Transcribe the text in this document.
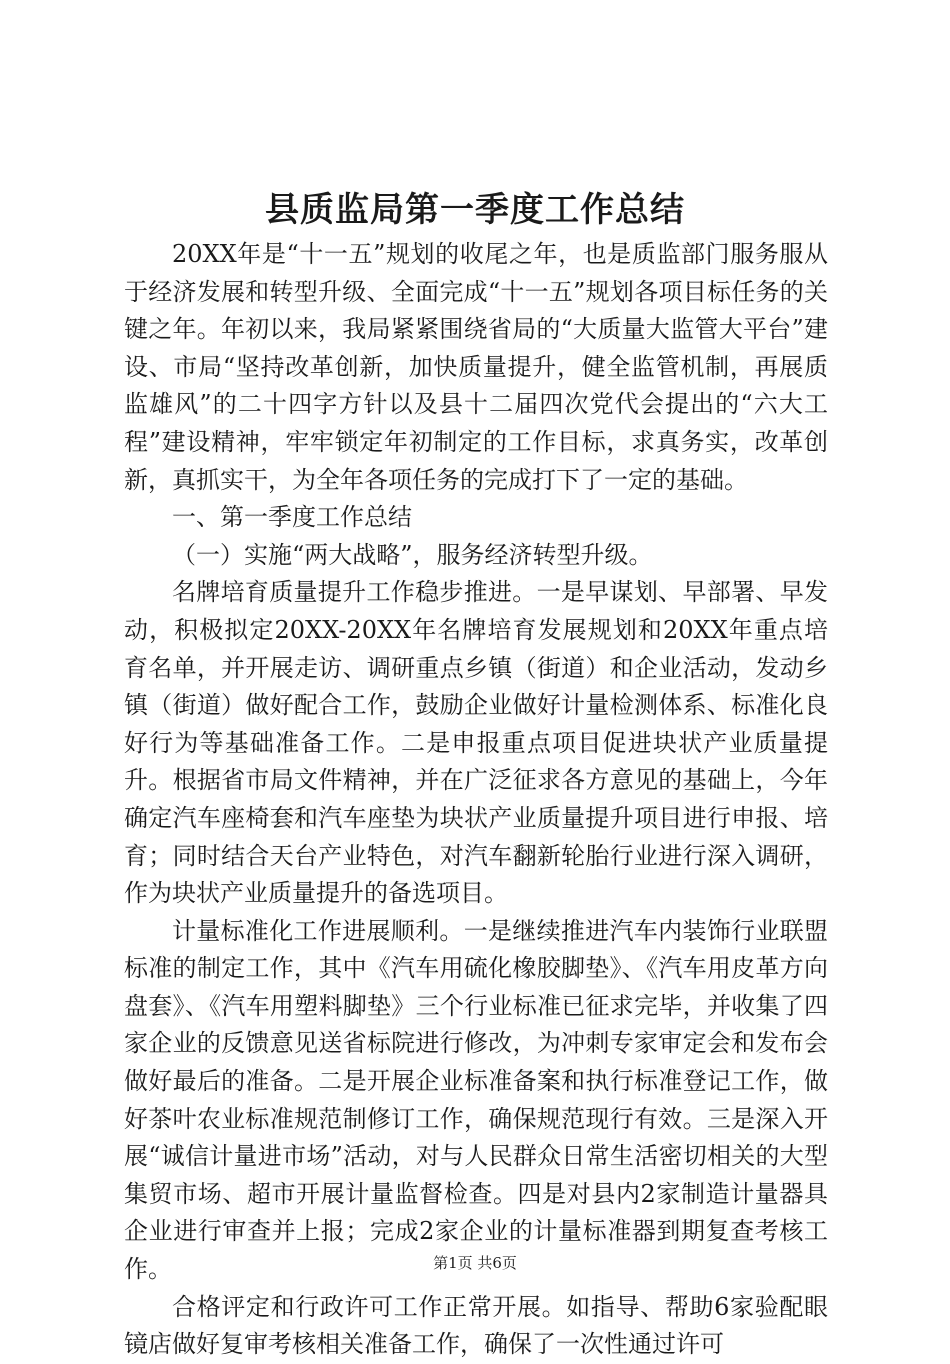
县质监局第一季度工作总结

20XX年是“十一五”规划的收尾之年，也是质监部门服务服从于经济发展和转型升级、全面完成“十一五”规划各项目标任务的关键之年。年初以来，我局紧紧围绕省局的“大质量大监管大平台”建设、市局“坚持改革创新，加快质量提升，健全监管机制，再展质监雄风”的二十四字方针以及县十二届四次党代会提出的“六大工程”建设精神，牢牢锁定年初制定的工作目标，求真务实，改革创新，真抓实干，为全年各项任务的完成打下了一定的基础。

一、第一季度工作总结

（一）实施“两大战略”，服务经济转型升级。

名牌培育质量提升工作稳步推进。一是早谋划、早部署、早发动，积极拟定20XX-20XX年名牌培育发展规划和20XX年重点培育名单，并开展走访、调研重点乡镇（街道）和企业活动，发动乡镇（街道）做好配合工作，鼓励企业做好计量检测体系、标准化良好行为等基础准备工作。二是申报重点项目促进块状产业质量提升。根据省市局文件精神，并在广泛征求各方意见的基础上，今年确定汽车座椅套和汽车座垫为块状产业质量提升项目进行申报、培育；同时结合天台产业特色，对汽车翻新轮胎行业进行深入调研，作为块状产业质量提升的备选项目。

计量标准化工作进展顺利。一是继续推进汽车内装饰行业联盟标准的制定工作，其中《汽车用硫化橡胶脚垫》、《汽车用皮革方向盘套》、《汽车用塑料脚垫》三个行业标准已征求完毕，并收集了四家企业的反馈意见送省标院进行修改，为冲刺专家审定会和发布会做好最后的准备。二是开展企业标准备案和执行标准登记工作，做好茶叶农业标准规范制修订工作，确保规范现行有效。三是深入开展“诚信计量进市场”活动，对与人民群众日常生活密切相关的大型集贸市场、超市开展计量监督检查。四是对县内2家制造计量器具企业进行审查并上报；完成2家企业的计量标准器到期复查考核工作。

合格评定和行政许可工作正常开展。如指导、帮助6家验配眼镜店做好复审考核相关准备工作，确保了一次性通过许可

第1页 共6页
